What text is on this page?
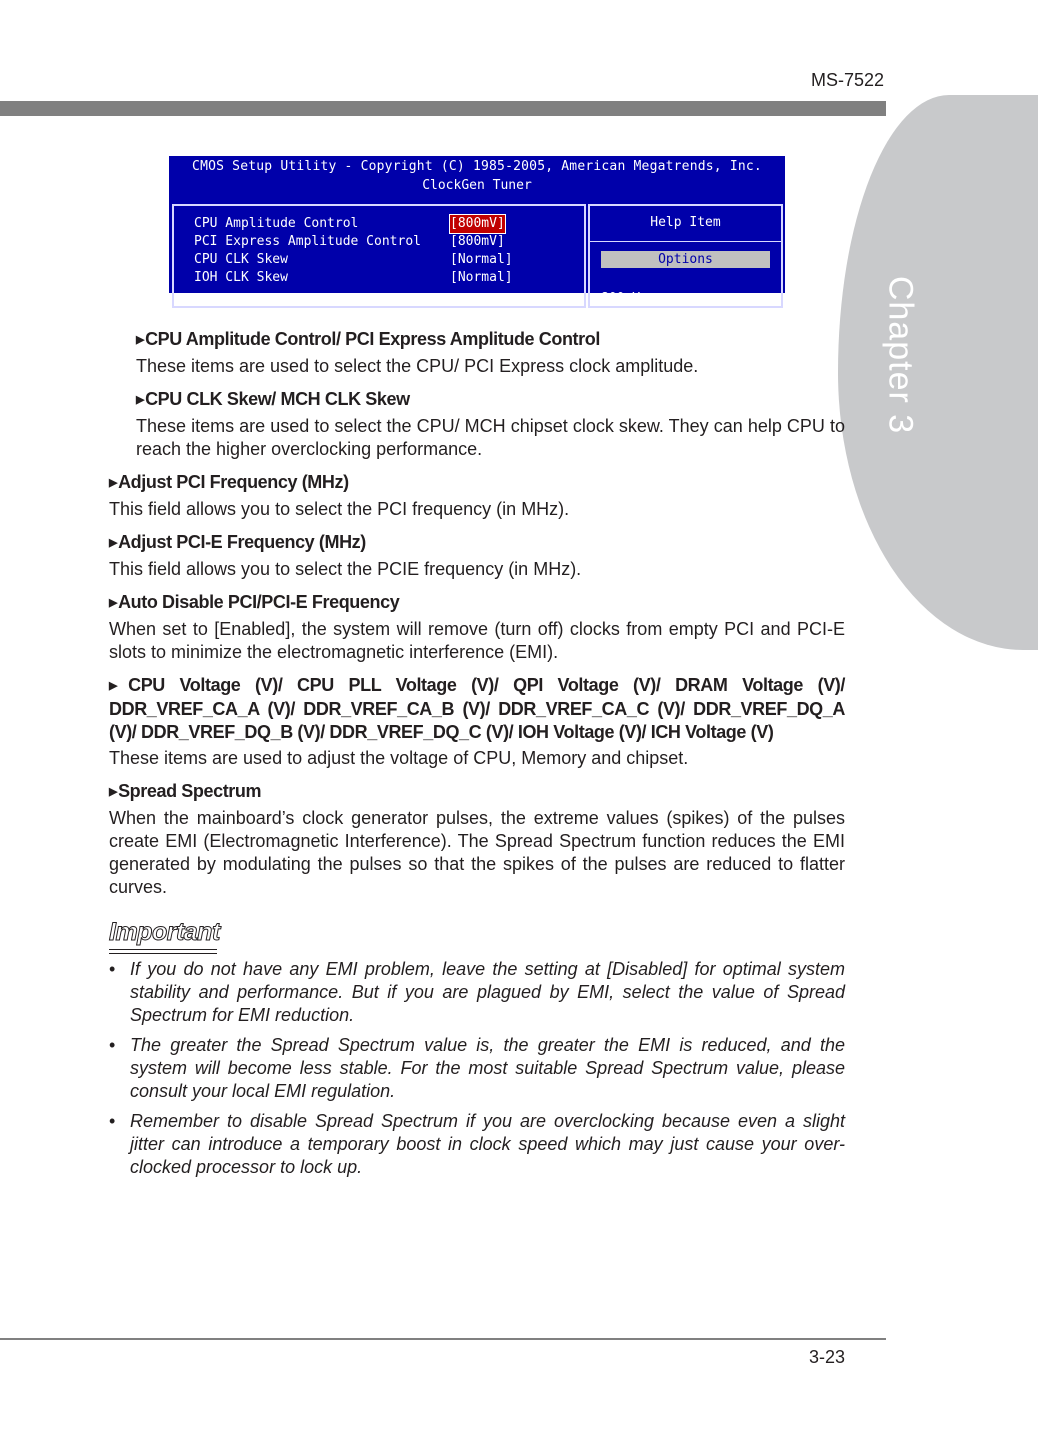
Chapter 3
MS-7522
CMOS Setup Utility - Copyright (C) 1985-2005, American Megatrends, Inc.
ClockGen Tuner
CPU Amplitude Control	[800mV]
PCI Express Amplitude Control [800mV]
CPU CLK Skew	[Normal]
IOH CLK Skew	[Normal]
Help Item
Options
800mV
▶CPU Amplitude Control/ PCI Express Amplitude Control
These items are used to select the CPU/ PCI Express clock amplitude.
▶CPU CLK Skew/ MCH CLK Skew
These items are used to select the CPU/ MCH chipset clock skew. They can help CPU to reach the higher overclocking performance.
▶Adjust PCI Frequency (MHz)
This field allows you to select the PCI frequency (in MHz).
▶Adjust PCI-E Frequency (MHz)
This field allows you to select the PCIE frequency (in MHz).
▶Auto Disable PCI/PCI-E Frequency
When set to [Enabled], the system will remove (turn off) clocks from empty PCI and PCI-E slots to minimize the electromagnetic interference (EMI).
▶CPU Voltage (V)/ CPU PLL Voltage (V)/ QPI Voltage (V)/ DRAM Voltage (V)/ DDR_VREF_CA_A (V)/ DDR_VREF_CA_B (V)/ DDR_VREF_CA_C (V)/ DDR_VREF_DQ_A (V)/ DDR_VREF_DQ_B (V)/ DDR_VREF_DQ_C (V)/ IOH Voltage (V)/ ICH Voltage (V)
These items are used to adjust the voltage of CPU, Memory and chipset.
▶Spread Spectrum
When the mainboard’s clock generator pulses, the extreme values (spikes) of the pulses create EMI (Electromagnetic Interference). The Spread Spectrum function reduces the EMI generated by modulating the pulses so that the spikes of the pulses are reduced to flatter curves.
Important
• If you do not have any EMI problem, leave the setting at [Disabled] for optimal system stability and performance. But if you are plagued by EMI, select the value of Spread Spectrum for EMI reduction.
• The greater the Spread Spectrum value is, the greater the EMI is reduced, and the system will become less stable. For the most suitable Spread Spectrum value, please consult your local EMI regulation.
• Remember to disable Spread Spectrum if you are overclocking because even a slight jitter can introduce a temporary boost in clock speed which may just cause your over-clocked processor to lock up.
3-23
